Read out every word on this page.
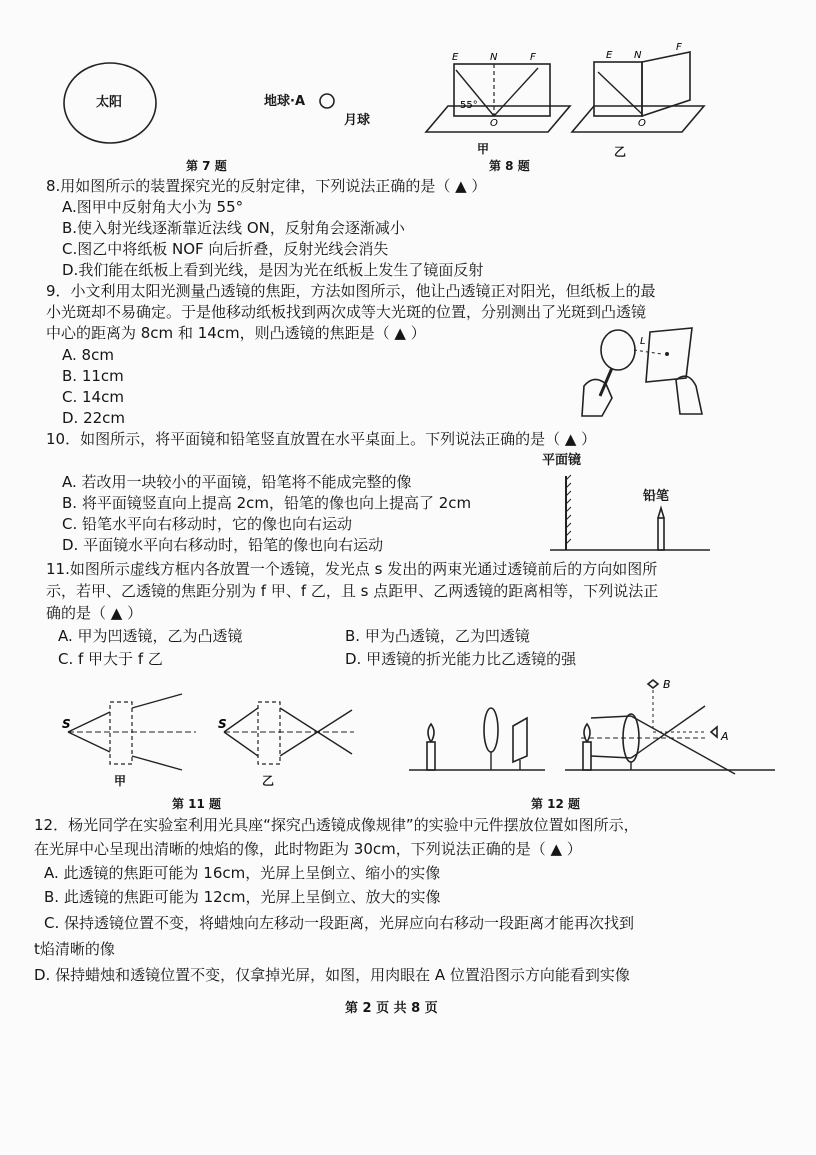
太阳	地球·A
月球
第 7 题
E	N	F
O
55°
E N
F
O
甲
第 8 题
乙
8.用如图所示的装置探究光的反射定律，下列说法正确的是（ ▲ ）
A.图甲中反射角大小为 55°
B.使入射光线逐渐靠近法线 ON，反射角会逐渐减小
C.图乙中将纸板 NOF 向后折叠，反射光线会消失
D.我们能在纸板上看到光线，是因为光在纸板上发生了镜面反射
9．小文利用太阳光测量凸透镜的焦距，方法如图所示，他让凸透镜正对阳光，但纸板上的最
小光斑却不易确定。于是他移动纸板找到两次成等大光斑的位置，分别测出了光斑到凸透镜
中心的距离为 8cm 和 14cm，则凸透镜的焦距是（ ▲ ）
A. 8cm
B. 11cm
C. 14cm
D. 22cm
L
10．如图所示，将平面镜和铅笔竖直放置在水平桌面上。下列说法正确的是（ ▲ ）
A. 若改用一块较小的平面镜，铅笔将不能成完整的像
B. 将平面镜竖直向上提高 2cm，铅笔的像也向上提高了 2cm
C. 铅笔水平向右移动时，它的像也向右运动
D. 平面镜水平向右移动时，铅笔的像也向右运动
平面镜
铅笔
11.如图所示虚线方框内各放置一个透镜，发光点 s 发出的两束光通过透镜前后的方向如图所
示，若甲、乙透镜的焦距分别为 f 甲、f 乙，且 s 点距甲、乙两透镜的距离相等，下列说法正
确的是（ ▲ ）
A. 甲为凹透镜，乙为凸透镜	B. 甲为凸透镜，乙为凹透镜
C. f 甲大于 f 乙	D. 甲透镜的折光能力比乙透镜的强
S	S
甲	乙
第 11 题
B
A
第 12 题
12．杨光同学在实验室利用光具座“探究凸透镜成像规律”的实验中元件摆放位置如图所示，
在光屏中心呈现出清晰的烛焰的像，此时物距为 30cm，下列说法正确的是（ ▲ ）
A. 此透镜的焦距可能为 16cm，光屏上呈倒立、缩小的实像
B. 此透镜的焦距可能为 12cm，光屏上呈倒立、放大的实像
C. 保持透镜位置不变，将蜡烛向左移动一段距离，光屏应向右移动一段距离才能再次找到
t焰清晰的像
D. 保持蜡烛和透镜位置不变，仅拿掉光屏，如图，用肉眼在 A 位置沿图示方向能看到实像
第 2 页 共 8 页
